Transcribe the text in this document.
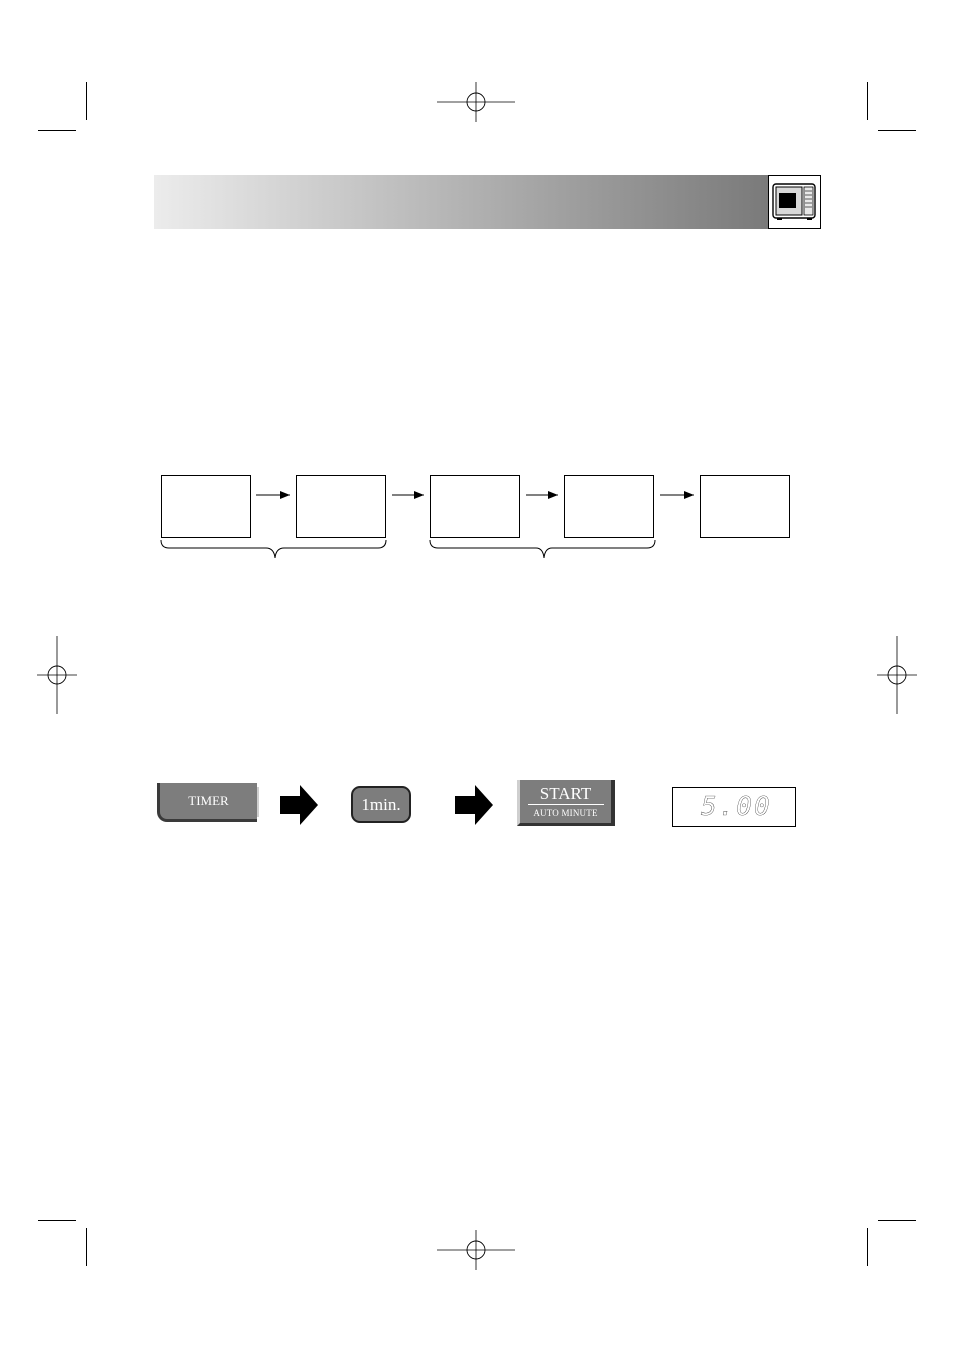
TIMER	1min.
START
AUTO MINUTE	5.00
